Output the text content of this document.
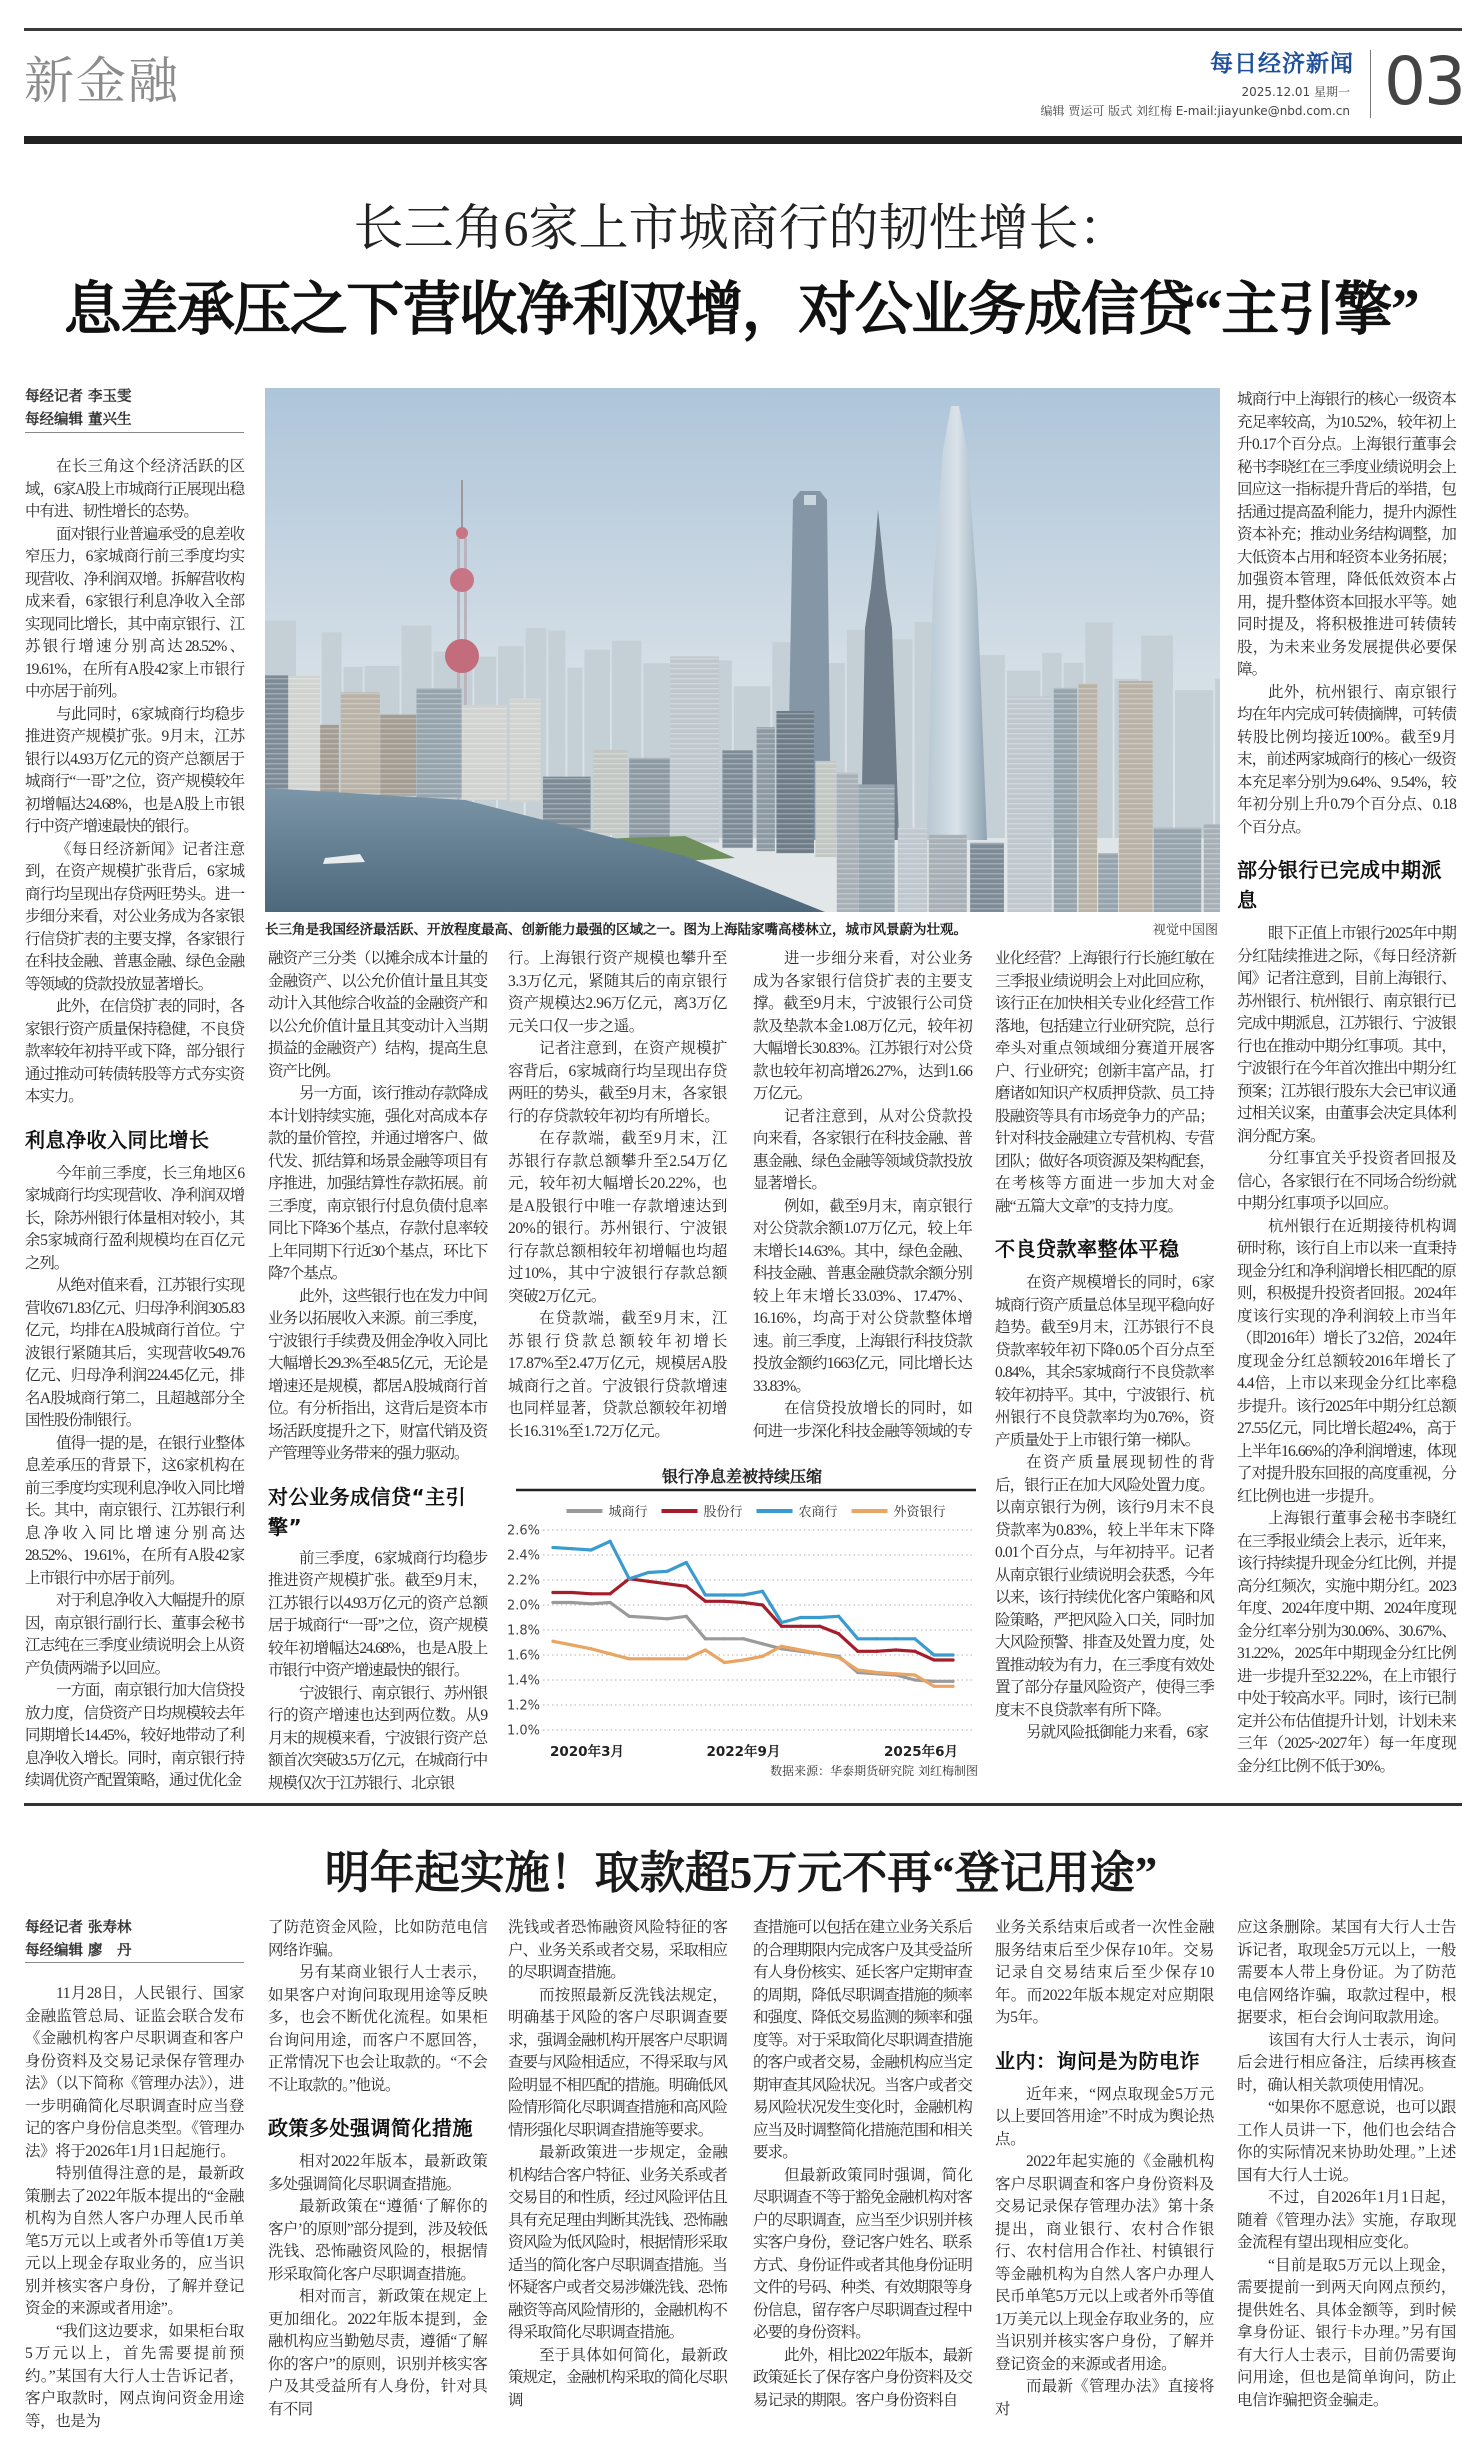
新金融	每日经济新闻
2025.12.01 星期一
编辑 贾运可 版式 刘红梅 E-mail:jiayunke@nbd.com.cn 03
长三角6家上市城商行的韧性增长：
息差承压之下营收净利双增，对公业务成信贷“主引擎”
每经记者 李玉雯
每经编辑 董兴生
长三角是我国经济最活跃、开放程度最高、创新能力最强的区域之一。图为上海陆家嘴高楼林立，城市风景蔚为壮观。	视觉中国图

在长三角这个经济活跃的区域，6家A股上市城商行正展现出稳中有进、韧性增长的态势。

面对银行业普遍承受的息差收窄压力，6家城商行前三季度均实现营收、净利润双增。拆解营收构成来看，6家银行利息净收入全部实现同比增长，其中南京银行、江苏银行增速分别高达28.52%、19.61%，在所有A股42家上市银行中亦居于前列。

与此同时，6家城商行均稳步推进资产规模扩张。9月末，江苏银行以4.93万亿元的资产总额居于城商行“一哥”之位，资产规模较年初增幅达24.68%，也是A股上市银行中资产增速最快的银行。

《每日经济新闻》记者注意到，在资产规模扩张背后，6家城商行均呈现出存贷两旺势头。进一步细分来看，对公业务成为各家银行信贷扩表的主要支撑，各家银行在科技金融、普惠金融、绿色金融等领域的贷款投放显著增长。

此外，在信贷扩表的同时，各家银行资产质量保持稳健，不良贷款率较年初持平或下降，部分银行通过推动可转债转股等方式夯实资本实力。

利息净收入同比增长

今年前三季度，长三角地区6家城商行均实现营收、净利润双增长，除苏州银行体量相对较小，其余5家城商行盈利规模均在百亿元之列。

从绝对值来看，江苏银行实现营收671.83亿元、归母净利润305.83亿元，均排在A股城商行首位。宁波银行紧随其后，实现营收549.76亿元、归母净利润224.45亿元，排名A股城商行第二，且超越部分全国性股份制银行。

值得一提的是，在银行业整体息差承压的背景下，这6家机构在前三季度均实现利息净收入同比增长。其中，南京银行、江苏银行利息净收入同比增速分别高达28.52%、19.61%，在所有A股42家上市银行中亦居于前列。

对于利息净收入大幅提升的原因，南京银行副行长、董事会秘书江志纯在三季度业绩说明会上从资产负债两端予以回应。

一方面，南京银行加大信贷投放力度，信贷资产日均规模较去年同期增长14.45%，较好地带动了利息净收入增长。同时，南京银行持续调优资产配置策略，通过优化金

融资产三分类（以摊余成本计量的金融资产、以公允价值计量且其变动计入其他综合收益的金融资产和以公允价值计量且其变动计入当期损益的金融资产）结构，提高生息资产比例。

另一方面，该行推动存款降成本计划持续实施，强化对高成本存款的量价管控，并通过增客户、做代发、抓结算和场景金融等项目有序推进，加强结算性存款拓展。前三季度，南京银行付息负债付息率同比下降36个基点，存款付息率较上年同期下行近30个基点，环比下降7个基点。

此外，这些银行也在发力中间业务以拓展收入来源。前三季度，宁波银行手续费及佣金净收入同比大幅增长29.3%至48.5亿元，无论是增速还是规模，都居A股城商行首位。有分析指出，这背后是资本市场活跃度提升之下，财富代销及资产管理等业务带来的强力驱动。

对公业务成信贷“主引擎”

前三季度，6家城商行均稳步推进资产规模扩张。截至9月末，江苏银行以4.93万亿元的资产总额居于城商行“一哥”之位，资产规模较年初增幅达24.68%，也是A股上市银行中资产增速最快的银行。

宁波银行、南京银行、苏州银行的资产增速也达到两位数。从9月末的规模来看，宁波银行资产总额首次突破3.5万亿元，在城商行中规模仅次于江苏银行、北京银

行。上海银行资产规模也攀升至3.3万亿元，紧随其后的南京银行资产规模达2.96万亿元，离3万亿元关口仅一步之遥。

记者注意到，在资产规模扩容背后，6家城商行均呈现出存贷两旺的势头，截至9月末，各家银行的存贷款较年初均有所增长。

在存款端，截至9月末，江苏银行存款总额攀升至2.54万亿元，较年初大幅增长20.22%，也是A股银行中唯一存款增速达到20%的银行。苏州银行、宁波银行存款总额相较年初增幅也均超过10%，其中宁波银行存款总额突破2万亿元。

在贷款端，截至9月末，江苏银行贷款总额较年初增长17.87%至2.47万亿元，规模居A股城商行之首。宁波银行贷款增速也同样显著，贷款总额较年初增长16.31%至1.72万亿元。

进一步细分来看，对公业务成为各家银行信贷扩表的主要支撑。截至9月末，宁波银行公司贷款及垫款本金1.08万亿元，较年初大幅增长30.83%。江苏银行对公贷款也较年初高增26.27%，达到1.66万亿元。

记者注意到，从对公贷款投向来看，各家银行在科技金融、普惠金融、绿色金融等领域贷款投放显著增长。

例如，截至9月末，南京银行对公贷款余额1.07万亿元，较上年末增长14.63%。其中，绿色金融、科技金融、普惠金融贷款余额分别较上年末增长33.03%、17.47%、16.16%，均高于对公贷款整体增速。前三季度，上海银行科技贷款投放金额约1663亿元，同比增长达33.83%。

在信贷投放增长的同时，如何进一步深化科技金融等领域的专

业化经营？上海银行行长施红敏在三季报业绩说明会上对此回应称，该行正在加快相关专业化经营工作落地，包括建立行业研究院，总行牵头对重点领域细分赛道开展客户、行业研究；创新丰富产品，打磨诸如知识产权质押贷款、员工持股融资等具有市场竞争力的产品；针对科技金融建立专营机构、专营团队；做好各项资源及架构配套，在考核等方面进一步加大对金融“五篇大文章”的支持力度。

不良贷款率整体平稳

在资产规模增长的同时，6家城商行资产质量总体呈现平稳向好趋势。截至9月末，江苏银行不良贷款率较年初下降0.05个百分点至0.84%，其余5家城商行不良贷款率较年初持平。其中，宁波银行、杭州银行不良贷款率均为0.76%，资产质量处于上市银行第一梯队。

在资产质量展现韧性的背后，银行正在加大风险处置力度。以南京银行为例，该行9月末不良贷款率为0.83%，较上半年末下降0.01个百分点，与年初持平。记者从南京银行业绩说明会获悉，今年以来，该行持续优化客户策略和风险策略，严把风险入口关，同时加大风险预警、排查及处置力度，处置推动较为有力，在三季度有效处置了部分存量风险资产，使得三季度末不良贷款率有所下降。

另就风险抵御能力来看，6家

城商行中上海银行的核心一级资本充足率较高，为10.52%，较年初上升0.17个百分点。上海银行董事会秘书李晓红在三季度业绩说明会上回应这一指标提升背后的举措，包括通过提高盈利能力，提升内源性资本补充；推动业务结构调整，加大低资本占用和轻资本业务拓展；加强资本管理，降低低效资本占用，提升整体资本回报水平等。她同时提及，将积极推进可转债转股，为未来业务发展提供必要保障。

此外，杭州银行、南京银行均在年内完成可转债摘牌，可转债转股比例均接近100%。截至9月末，前述两家城商行的核心一级资本充足率分别为9.64%、9.54%，较年初分别上升0.79个百分点、0.18个百分点。

部分银行已完成中期派息

眼下正值上市银行2025年中期分红陆续推进之际，《每日经济新闻》记者注意到，目前上海银行、苏州银行、杭州银行、南京银行已完成中期派息，江苏银行、宁波银行也在推动中期分红事项。其中，宁波银行在今年首次推出中期分红预案；江苏银行股东大会已审议通过相关议案，由董事会决定具体利润分配方案。

分红事宜关乎投资者回报及信心，各家银行在不同场合纷纷就中期分红事项予以回应。

杭州银行在近期接待机构调研时称，该行自上市以来一直秉持现金分红和净利润增长相匹配的原则，积极提升投资者回报。2024年度该行实现的净利润较上市当年（即2016年）增长了3.2倍，2024年度现金分红总额较2016年增长了4.4倍，上市以来现金分红比率稳步提升。该行2025年中期分红总额27.55亿元，同比增长超24%，高于上半年16.66%的净利润增速，体现了对提升股东回报的高度重视，分红比例也进一步提升。

上海银行董事会秘书李晓红在三季报业绩会上表示，近年来，该行持续提升现金分红比例，并提高分红频次，实施中期分红。2023年度、2024年度中期、2024年度现金分红率分别为30.06%、30.67%、31.22%，2025年中期现金分红比例进一步提升至32.22%，在上市银行中处于较高水平。同时，该行已制定并公布估值提升计划，计划未来三年（2025~2027年）每一年度现金分红比例不低于30%。

银行净息差被持续压缩
1.0%
1.2%
1.4%
1.6%
1.8%
2.0%
2.2%
2.4%
2.6%
城商行	股份行	农商行	外资银行
2020年3月	2022年9月	2025年6月
数据来源：华泰期货研究院 刘红梅制图
明年起实施！取款超5万元不再“登记用途”
每经记者 张寿林
每经编辑 廖　丹

11月28日，人民银行、国家金融监管总局、证监会联合发布《金融机构客户尽职调查和客户身份资料及交易记录保存管理办法》（以下简称《管理办法》），进一步明确简化尽职调查时应当登记的客户身份信息类型。《管理办法》将于2026年1月1日起施行。

特别值得注意的是，最新政策删去了2022年版本提出的“金融机构为自然人客户办理人民币单笔5万元以上或者外币等值1万美元以上现金存取业务的，应当识别并核实客户身份，了解并登记资金的来源或者用途”。

“我们这边要求，如果柜台取5万元以上，首先需要提前预约。”某国有大行人士告诉记者，客户取款时，网点询问资金用途等，也是为

了防范资金风险，比如防范电信网络诈骗。

另有某商业银行人士表示，如果客户对询问取现用途等反映多，也会不断优化流程。如果柜台询问用途，而客户不愿回答，正常情况下也会让取款的。“不会不让取款的。”他说。

政策多处强调简化措施

相对2022年版本，最新政策多处强调简化尽职调查措施。

最新政策在“遵循‘了解你的客户’的原则”部分提到，涉及较低洗钱、恐怖融资风险的，根据情形采取简化客户尽职调查措施。

相对而言，新政策在规定上更加细化。2022年版本提到，金融机构应当勤勉尽责，遵循“了解你的客户”的原则，识别并核实客户及其受益所有人身份，针对具有不同

洗钱或者恐怖融资风险特征的客户、业务关系或者交易，采取相应的尽职调查措施。

而按照最新反洗钱法规定，明确基于风险的客户尽职调查要求，强调金融机构开展客户尽职调查要与风险相适应，不得采取与风险明显不相匹配的措施。明确低风险情形简化尽职调查措施和高风险情形强化尽职调查措施等要求。

最新政策进一步规定，金融机构结合客户特征、业务关系或者交易目的和性质，经过风险评估且具有充足理由判断其洗钱、恐怖融资风险为低风险时，根据情形采取适当的简化客户尽职调查措施。当怀疑客户或者交易涉嫌洗钱、恐怖融资等高风险情形的，金融机构不得采取简化尽职调查措施。

至于具体如何简化，最新政策规定，金融机构采取的简化尽职调

查措施可以包括在建立业务关系后的合理期限内完成客户及其受益所有人身份核实、延长客户定期审查的周期，降低尽职调查措施的频率和强度、降低交易监测的频率和强度等。对于采取简化尽职调查措施的客户或者交易，金融机构应当定期审查其风险状况。当客户或者交易风险状况发生变化时，金融机构应当及时调整简化措施范围和相关要求。

但最新政策同时强调，简化尽职调查不等于豁免金融机构对客户的尽职调查，应当至少识别并核实客户身份，登记客户姓名、联系方式、身份证件或者其他身份证明文件的号码、种类、有效期限等身份信息，留存客户尽职调查过程中必要的身份资料。

此外，相比2022年版本，最新政策延长了保存客户身份资料及交易记录的期限。客户身份资料自

业务关系结束后或者一次性金融服务结束后至少保存10年。交易记录自交易结束后至少保存10年。而2022年版本规定对应期限为5年。

业内：询问是为防电诈

近年来，“网点取现金5万元以上要回答用途”不时成为舆论热点。

2022年起实施的《金融机构客户尽职调查和客户身份资料及交易记录保存管理办法》第十条提出，商业银行、农村合作银行、农村信用合作社、村镇银行等金融机构为自然人客户办理人民币单笔5万元以上或者外币等值1万美元以上现金存取业务的，应当识别并核实客户身份，了解并登记资金的来源或者用途。

而最新《管理办法》直接将对

应这条删除。某国有大行人士告诉记者，取现金5万元以上，一般需要本人带上身份证。为了防范电信网络诈骗，取款过程中，根据要求，柜台会询问取款用途。

该国有大行人士表示，询问后会进行相应备注，后续再核查时，确认相关款项使用情况。

“如果你不愿意说，也可以跟工作人员讲一下，他们也会结合你的实际情况来协助处理。”上述国有大行人士说。

不过，自2026年1月1日起，随着《管理办法》实施，存取现金流程有望出现相应变化。

“目前是取5万元以上现金，需要提前一到两天向网点预约，提供姓名、具体金额等，到时候拿身份证、银行卡办理。”另有国有大行人士表示，目前仍需要询问用途，但也是简单询问，防止电信诈骗把资金骗走。
